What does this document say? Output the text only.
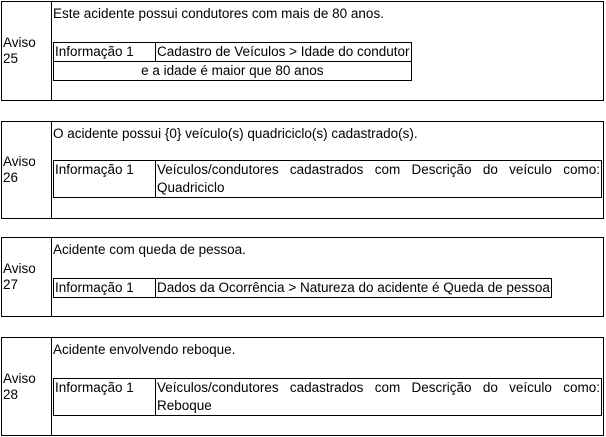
Aviso 25
Este acidente possui condutores com mais de 80 anos.
Informação 1	Cadastro de Veículos > Idade do condutor
e a idade é maior que 80 anos
Aviso 26
O acidente possui {0} veículo(s) quadriciclo(s) cadastrado(s).
Informação 1	Veículos/condutores cadastrados com Descrição do veículo como: Quadriciclo
Aviso 27
Acidente com queda de pessoa.
Informação 1	Dados da Ocorrência > Natureza do acidente é Queda de pessoa
Aviso 28
Acidente envolvendo reboque.
Informação 1	Veículos/condutores cadastrados com Descrição do veículo como: Reboque
